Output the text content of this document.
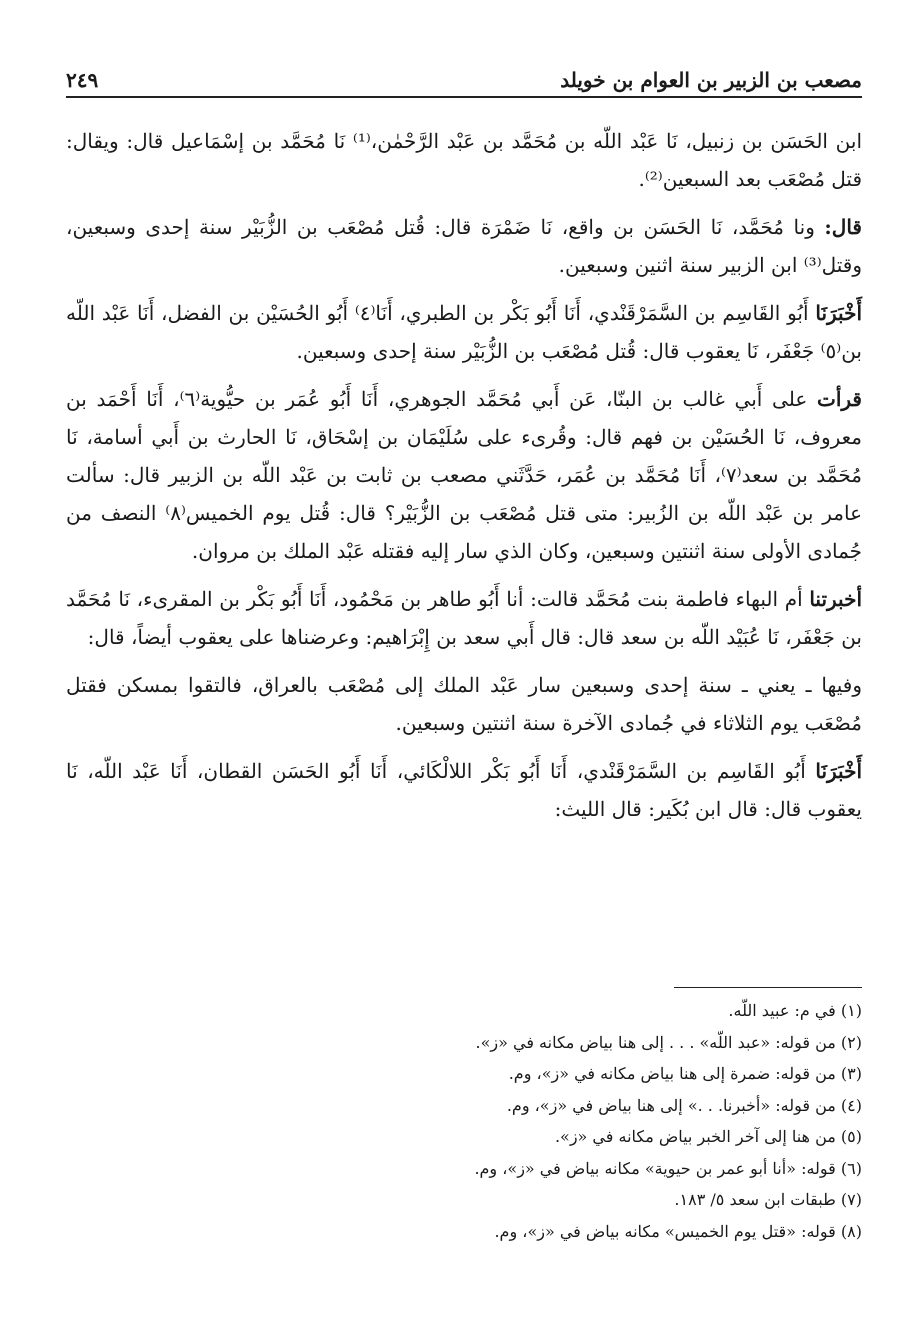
مصعب بن الزبير بن العوام بن خويلد
٢٤٩

ابن الحَسَن بن زنبيل، نَا عَبْد اللّه بن مُحَمَّد بن عَبْد الرَّحْمٰن،⁽¹⁾ نَا مُحَمَّد بن إسْمَاعيل قال: ويقال: قتل مُصْعَب بعد السبعين⁽²⁾.

قال: ونا مُحَمَّد، نَا الحَسَن بن واقع، نَا ضَمْرَة قال: قُتل مُصْعَب بن الزُّبَيْر سنة إحدى وسبعين، وقتل⁽³⁾ ابن الزبير سنة اثنين وسبعين.

أَخْبَرَنَا أَبُو القَاسِم بن السَّمَرْقَنْدي، أَنَا أَبُو بَكْر بن الطبري، أَنَا⁽٤⁾ أَبُو الحُسَيْن بن الفضل، أَنَا عَبْد اللّه بن⁽٥⁾ جَعْفَر، نَا يعقوب قال: قُتل مُصْعَب بن الزُّبَيْر سنة إحدى وسبعين.

قرأت على أَبي غالب بن البنّا، عَن أَبي مُحَمَّد الجوهري، أَنَا أَبُو عُمَر بن حيُّوية⁽٦⁾، أَنَا أَحْمَد بن معروف، نَا الحُسَيْن بن فهم قال: وقُرىء على سُلَيْمَان بن إسْحَاق، نَا الحارث بن أَبي أسامة، نَا مُحَمَّد بن سعد⁽٧⁾، أَنَا مُحَمَّد بن عُمَر، حَدَّثَني مصعب بن ثابت بن عَبْد اللّه بن الزبير قال: سألت عامر بن عَبْد اللّه بن الزُبير: متى قتل مُصْعَب بن الزُّبَيْر؟ قال: قُتل يوم الخميس⁽٨⁾ النصف من جُمادى الأولى سنة اثنتين وسبعين، وكان الذي سار إليه فقتله عَبْد الملك بن مروان.

أخبرتنا أم البهاء فاطمة بنت مُحَمَّد قالت: أنا أَبُو طاهر بن مَحْمُود، أَنَا أَبُو بَكْر بن المقرىء، نَا مُحَمَّد بن جَعْفَر، نَا عُبَيْد اللّه بن سعد قال: قال أَبي سعد بن إِبْرَاهيم: وعرضناها على يعقوب أيضاً، قال:

وفيها ـ يعني ـ سنة إحدى وسبعين سار عَبْد الملك إلى مُصْعَب بالعراق، فالتقوا بمسكن فقتل مُصْعَب يوم الثلاثاء في جُمادى الآخرة سنة اثنتين وسبعين.

أَخْبَرَنَا أَبُو القَاسِم بن السَّمَرْقَنْدي، أَنَا أَبُو بَكْر اللالْكَائي، أَنَا أَبُو الحَسَن القطان، أَنَا عَبْد اللّه، نَا يعقوب قال: قال ابن بُكَير: قال الليث:

(١) في م: عبيد اللّه.
(٢) من قوله: «عبد اللّه» . . . إلى هنا بياض مكانه في «ز».
(٣) من قوله: ضمرة إلى هنا بياض مكانه في «ز»، وم.
(٤) من قوله: «أخبرنا. . .» إلى هنا بياض في «ز»، وم.
(٥) من هنا إلى آخر الخبر بياض مكانه في «ز».
(٦) قوله: «أنا أبو عمر بن حيوية» مكانه بياض في «ز»، وم.
(٧) طبقات ابن سعد ٥/ ١٨٣.
(٨) قوله: «قتل يوم الخميس» مكانه بياض في «ز»، وم.
